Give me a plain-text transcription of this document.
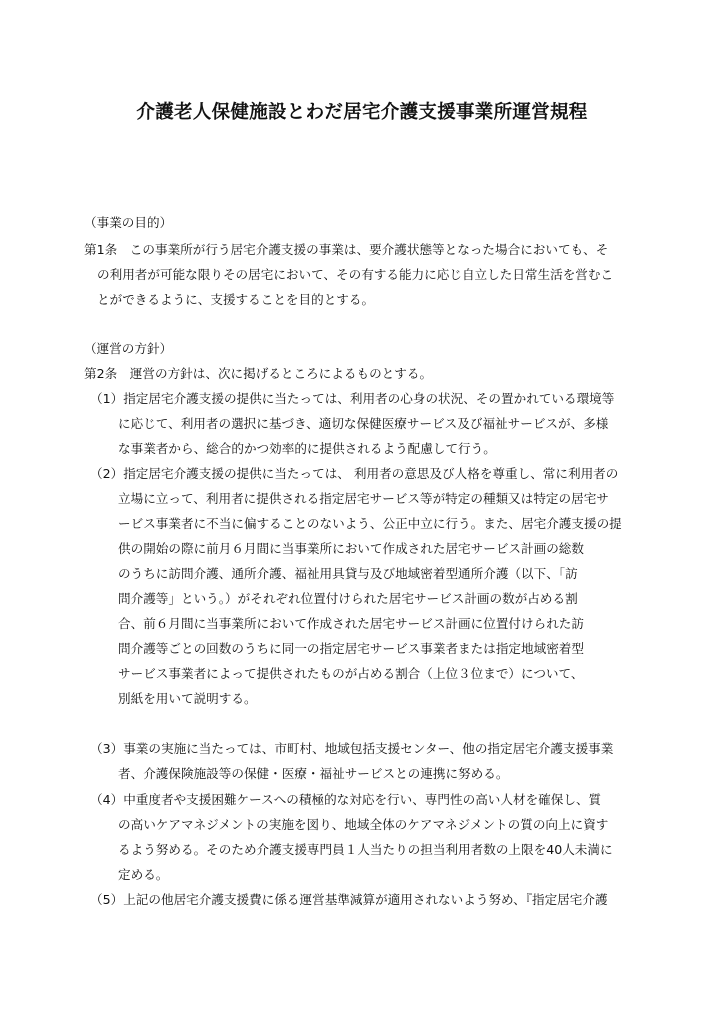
介護老人保健施設とわだ居宅介護支援事業所運営規程
（事業の目的）
第1条　この事業所が行う居宅介護支援の事業は、要介護状態等となった場合においても、そ
の利用者が可能な限りその居宅において、その有する能力に応じ自立した日常生活を営むこ
とができるように、支援することを目的とする。
（運営の方針）
第2条　運営の方針は、次に掲げるところによるものとする。
（1）指定居宅介護支援の提供に当たっては、利用者の心身の状況、その置かれている環境等
に応じて、利用者の選択に基づき、適切な保健医療サービス及び福祉サービスが、多様
な事業者から、総合的かつ効率的に提供されるよう配慮して行う。
（2）指定居宅介護支援の提供に当たっては、 利用者の意思及び人格を尊重し、常に利用者の
立場に立って、利用者に提供される指定居宅サービス等が特定の種類又は特定の居宅サ
ービス事業者に不当に偏することのないよう、公正中立に行う。また、居宅介護支援の提
供の開始の際に前月６月間に当事業所において作成された居宅サービス計画の総数
のうちに訪問介護、通所介護、福祉用具貸与及び地域密着型通所介護（以下、「訪
問介護等」という。）がそれぞれ位置付けられた居宅サービス計画の数が占める割
合、前６月間に当事業所において作成された居宅サービス計画に位置付けられた訪
問介護等ごとの回数のうちに同一の指定居宅サービス事業者または指定地域密着型
サービス事業者によって提供されたものが占める割合（上位３位まで）について、
別紙を用いて説明する。
（3）事業の実施に当たっては、市町村、地域包括支援センター、他の指定居宅介護支援事業
者、介護保険施設等の保健・医療・福祉サービスとの連携に努める。
（4）中重度者や支援困難ケースへの積極的な対応を行い、専門性の高い人材を確保し、質
の高いケアマネジメントの実施を図り、地域全体のケアマネジメントの質の向上に資す
るよう努める。そのため介護支援専門員１人当たりの担当利用者数の上限を40人未満に
定める。
（5）上記の他居宅介護支援費に係る運営基準減算が適用されないよう努め、『指定居宅介護
